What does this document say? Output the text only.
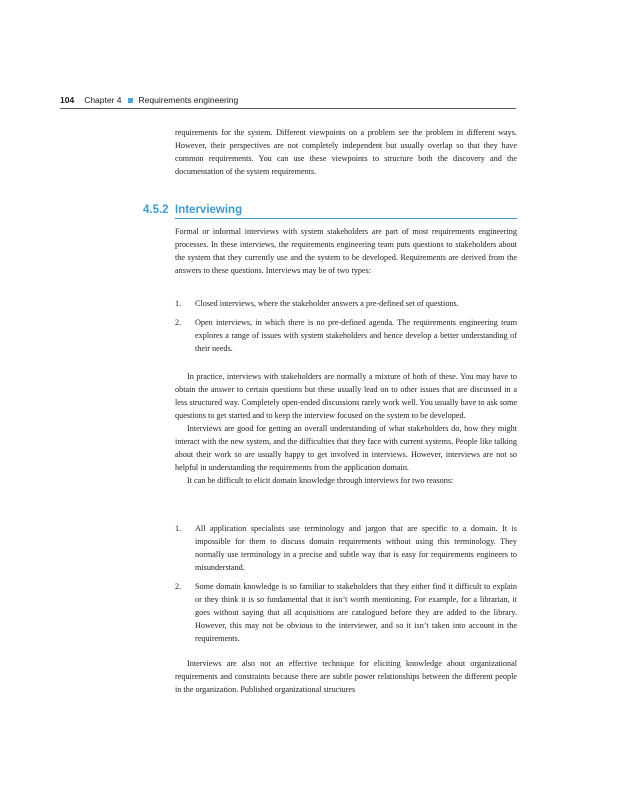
104 Chapter 4 Requirements engineering

requirements for the system. Different viewpoints on a problem see the problem in different ways. However, their perspectives are not completely independent but usually overlap so that they have common requirements. You can use these viewpoints to structure both the discovery and the documentation of the system requirements.

4.5.2 Interviewing

Formal or informal interviews with system stakeholders are part of most requirements engineering processes. In these interviews, the requirements engineering team puts questions to stakeholders about the system that they currently use and the system to be developed. Requirements are derived from the answers to these questions. Interviews may be of two types:

1. Closed interviews, where the stakeholder answers a pre-defined set of questions.
2. Open interviews, in which there is no pre-defined agenda. The requirements engineering team explores a range of issues with system stakeholders and hence develop a better understanding of their needs.

In practice, interviews with stakeholders are normally a mixture of both of these. You may have to obtain the answer to certain questions but these usually lead on to other issues that are discussed in a less structured way. Completely open-ended discussions rarely work well. You usually have to ask some questions to get started and to keep the interview focused on the system to be developed.

Interviews are good for getting an overall understanding of what stakeholders do, how they might interact with the new system, and the difficulties that they face with current systems. People like talking about their work so are usually happy to get involved in interviews. However, interviews are not so helpful in understanding the requirements from the application domain.

It can be difficult to elicit domain knowledge through interviews for two reasons:

1. All application specialists use terminology and jargon that are specific to a domain. It is impossible for them to discuss domain requirements without using this terminology. They normally use terminology in a precise and subtle way that is easy for requirements engineers to misunderstand.
2. Some domain knowledge is so familiar to stakeholders that they either find it difficult to explain or they think it is so fundamental that it isn’t worth mentioning. For example, for a librarian, it goes without saying that all acquisitions are catalogued before they are added to the library. However, this may not be obvious to the interviewer, and so it isn’t taken into account in the requirements.

Interviews are also not an effective technique for eliciting knowledge about organizational requirements and constraints because there are subtle power relationships between the different people in the organization. Published organizational structures
